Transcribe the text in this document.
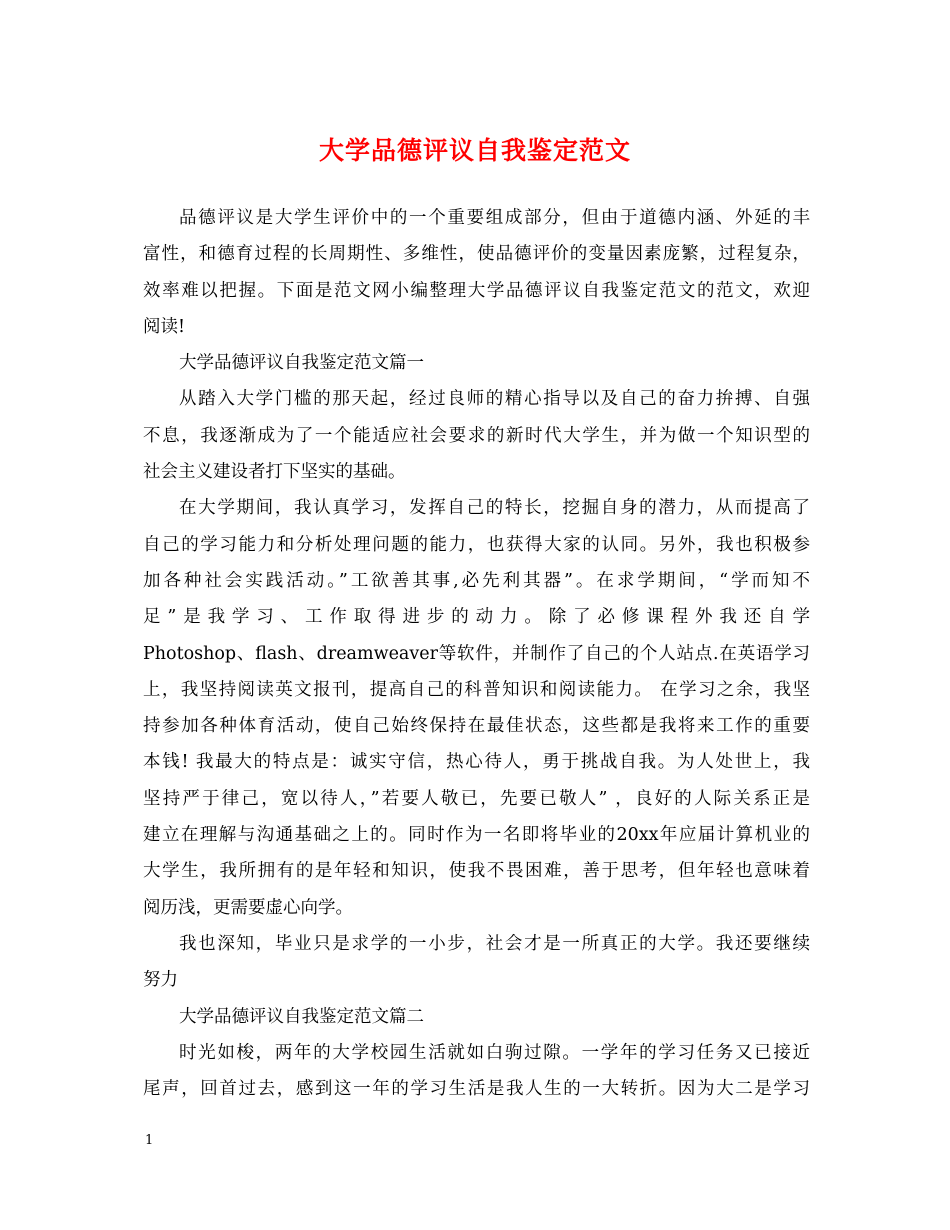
大学品德评议自我鉴定范文
品德评议是大学生评价中的一个重要组成部分，但由于道德内涵、外延的丰
富性，和德育过程的长周期性、多维性，使品德评价的变量因素庞繁，过程复杂，
效率难以把握。下面是范文网小编整理大学品德评议自我鉴定范文的范文，欢迎
阅读!
大学品德评议自我鉴定范文篇一
从踏入大学门槛的那天起，经过良师的精心指导以及自己的奋力拚搏、自强
不息，我逐渐成为了一个能适应社会要求的新时代大学生，并为做一个知识型的
社会主义建设者打下坚实的基础。
在大学期间，我认真学习，发挥自己的特长，挖掘自身的潜力，从而提高了
自己的学习能力和分析处理问题的能力，也获得大家的认同。另外，我也积极参
加各种社会实践活动。”工欲善其事,必先利其器”。在求学期间，“学而知不
足”是我学习、工作取得进步的动力。除了必修课程外我还自学
Photoshop、flash、dreamweaver等软件，并制作了自己的个人站点.在英语学习
上，我坚持阅读英文报刊，提高自己的科普知识和阅读能力。 在学习之余，我坚
持参加各种体育活动，使自己始终保持在最佳状态，这些都是我将来工作的重要
本钱! 我最大的特点是：诚实守信，热心待人，勇于挑战自我。为人处世上，我
坚持严于律己，宽以待人，”若要人敬已，先要已敬人” ，良好的人际关系正是
建立在理解与沟通基础之上的。同时作为一名即将毕业的20xx年应届计算机业的
大学生，我所拥有的是年轻和知识，使我不畏困难，善于思考，但年轻也意味着
阅历浅，更需要虚心向学。
我也深知，毕业只是求学的一小步，社会才是一所真正的大学。我还要继续
努力
大学品德评议自我鉴定范文篇二
时光如梭，两年的大学校园生活就如白驹过隙。一学年的学习任务又已接近
尾声，回首过去，感到这一年的学习生活是我人生的一大转折。因为大二是学习
1
